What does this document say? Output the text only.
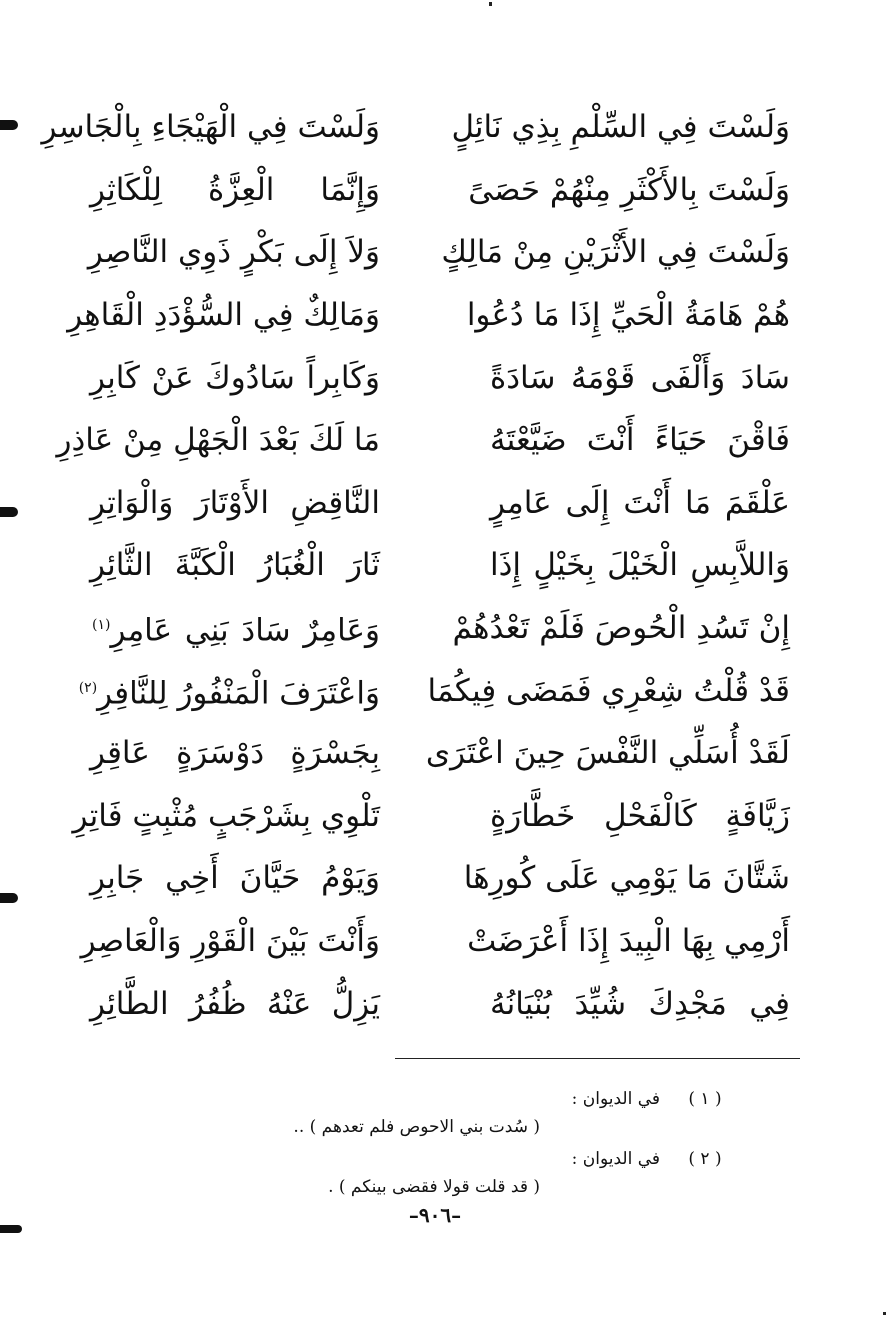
وَلَسْتَ فِي السِّلْمِ بِذِي نَائِلٍ
وَلَسْتَ فِي الْهَيْجَاءِ بِالْجَاسِرِ
وَلَسْتَ بِالأَكْثَرِ مِنْهُمْ حَصَىً
وَإِنَّمَا الْعِزَّةُ لِلْكَاثِرِ
وَلَسْتَ فِي الأَثْرَيْنِ مِنْ مَالِكٍ
وَلاَ إِلَى بَكْرٍ ذَوِي النَّاصِرِ
هُمْ هَامَةُ الْحَيِّ إِذَا مَا دُعُوا
وَمَالِكٌ فِي السُّؤْدَدِ الْقَاهِرِ
سَادَ وَأَلْفَى قَوْمَهُ سَادَةً
وَكَابِراً سَادُوكَ عَنْ كَابِرِ
فَاقْنَ حَيَاءً أَنْتَ ضَيَّعْتَهُ
مَا لَكَ بَعْدَ الْجَهْلِ مِنْ عَاذِرِ
عَلْقَمَ مَا أَنْتَ إِلَى عَامِرٍ
النَّاقِضِ الأَوْتَارَ وَالْوَاتِرِ
وَاللاَّبِسِ الْخَيْلَ بِخَيْلٍ إِذَا
ثَارَ الْغُبَارُ الْكَبَّةَ الثَّائِرِ
إِنْ تَسُدِ الْحُوصَ فَلَمْ تَعْدُهُمْ
وَعَامِرٌ سَادَ بَنِي عَامِرِ$^{(١)}$
قَدْ قُلْتُ شِعْرِي فَمَضَى فِيكُمَا
وَاعْتَرَفَ الْمَنْفُورُ لِلنَّافِرِ$^{(٢)}$
لَقَدْ أُسَلِّي النَّفْسَ حِينَ اعْتَرَى
بِجَسْرَةٍ دَوْسَرَةٍ عَاقِرِ
زَيَّافَةٍ كَالْفَحْلِ خَطَّارَةٍ
تَلْوِي بِشَرْجَبٍ مُثْبِتٍ فَاتِرِ
شَتَّانَ مَا يَوْمِي عَلَى كُورِهَا
وَيَوْمُ حَيَّانَ أَخِي جَابِرِ
أَرْمِي بِهَا الْبِيدَ إِذَا أَعْرَضَتْ
وَأَنْتَ بَيْنَ الْقَوْرِ وَالْعَاصِرِ
فِي مَجْدِكَ شُيِّدَ بُنْيَانُهُ
يَزِلُّ عَنْهُ ظُفُرُ الطَّائِرِ
( ١ )
في الديوان :
( سُدت بني الاحوص فلم تعدهم ) ..
( ٢ )
في الديوان :
( قد قلت قولا فقضى بينكم ) .
–٩٠٦–
